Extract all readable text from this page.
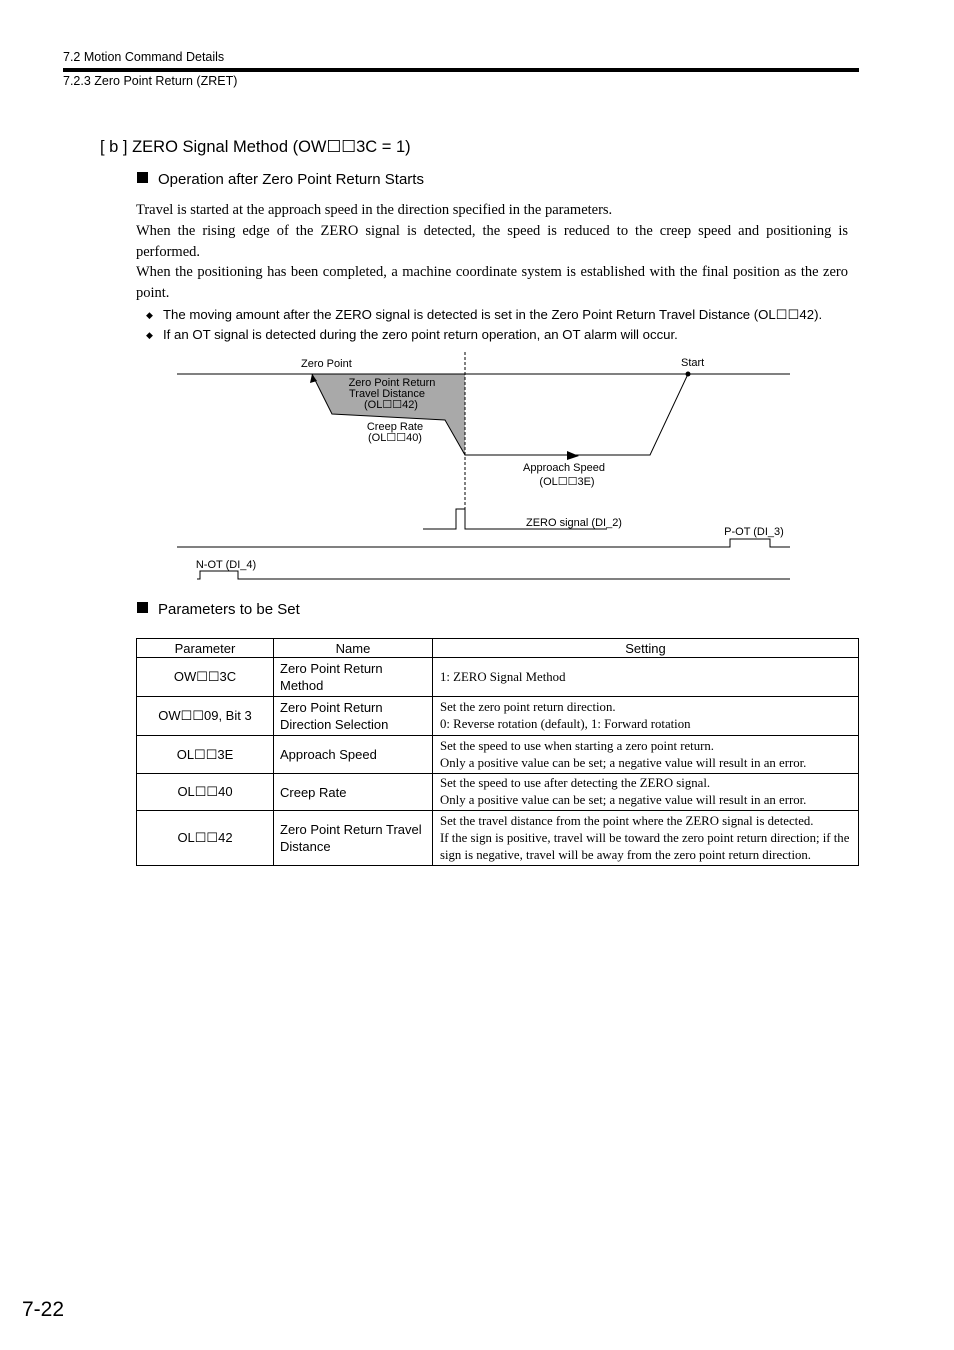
7.2 Motion Command Details
7.2.3 Zero Point Return (ZRET)
[ b ] ZERO Signal Method (OW☐☐3C = 1)
Operation after Zero Point Return Starts

Travel is started at the approach speed in the direction specified in the parameters.

When the rising edge of the ZERO signal is detected, the speed is reduced to the creep speed and positioning is performed.

When the positioning has been completed, a machine coordinate system is established with the final position as the zero point.

◆ The moving amount after the ZERO signal is detected is set in the Zero Point Return Travel Distance (OL☐☐42).
◆ If an OT signal is detected during the zero point return operation, an OT alarm will occur.
Zero Point	Start
Zero Point Return
Travel Distance
(OL☐☐42)
Creep Rate
(OL☐☐40)
Approach Speed
(OL☐☐3E)
ZERO signal (DI_2)
P-OT (DI_3)
N-OT (DI_4)
Parameters to be Set
Parameter	Name	Setting
OW☐☐3C	Zero Point Return Method	1: ZERO Signal Method

OW☐☐09, Bit 3	Zero Point Return Direction Selection	Set the zero point return direction.
0: Reverse rotation (default), 1: Forward rotation

OL☐☐3E	Approach Speed	Set the speed to use when starting a zero point return.
Only a positive value can be set; a negative value will result in an error.

OL☐☐40	Creep Rate	Set the speed to use after detecting the ZERO signal.
Only a positive value can be set; a negative value will result in an error.

OL☐☐42	Zero Point Return Travel Distance	Set the travel distance from the point where the ZERO signal is detected.
If the sign is positive, travel will be toward the zero point return direction; if the sign is negative, travel will be away from the zero point return direction.
7-22
